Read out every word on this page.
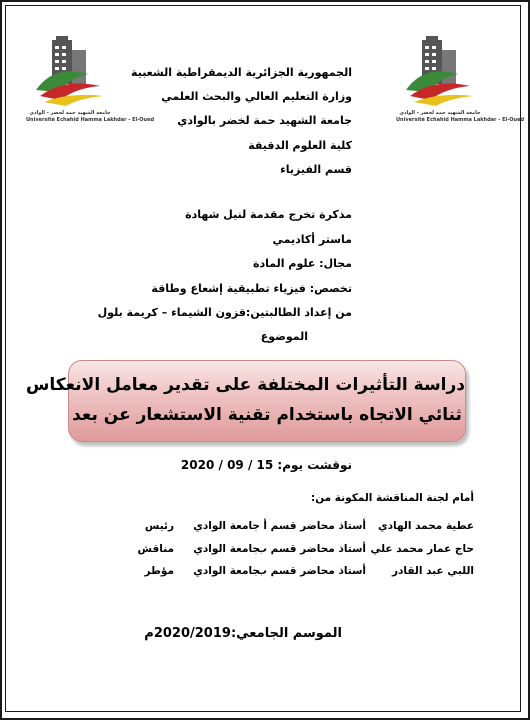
جامعة الشهيد حمه لخضر - الوادي
Université Echahid Hamma Lakhdar - El-Oued
جامعة الشهيد حمه لخضر - الوادي
Université Echahid Hamma Lakhdar - El-Oued
الجمهورية الجزائرية الديمقراطية الشعبية
وزارة التعليم العالي والبحث العلمي
جامعة الشهيد حمة لخضر بالوادي
كلية العلوم الدقيقة
قسم الفيزياء
مذكرة تخرج مقدمة لنيل شهادة
ماستر أكاديمي
مجال: علوم المادة
تخصص: فيزياء تطبيقية إشعاع وطاقة
من إعداد الطالبتين:قزون الشيماء – كريمة بلول
الموضوع
دراسة التأثيرات المختلفة على تقدير معامل الانعكاس
ثنائي الاتجاه باستخدام تقنية الاستشعار عن بعد
نوقشت يوم: 15 / 09 / 2020
أمام لجنة المناقشة المكونة من:
عطية محمد الهادي
أستاذ محاضر قسم أ
جامعة الوادي
رئيس
حاج عمار محمد علي
أستاذ محاضر قسم ب
جامعة الوادي
مناقش
اللبي عبد القادر
أستاذ محاضر قسم ب
جامعة الوادي
مؤطر
الموسم الجامعي:2020/2019م
